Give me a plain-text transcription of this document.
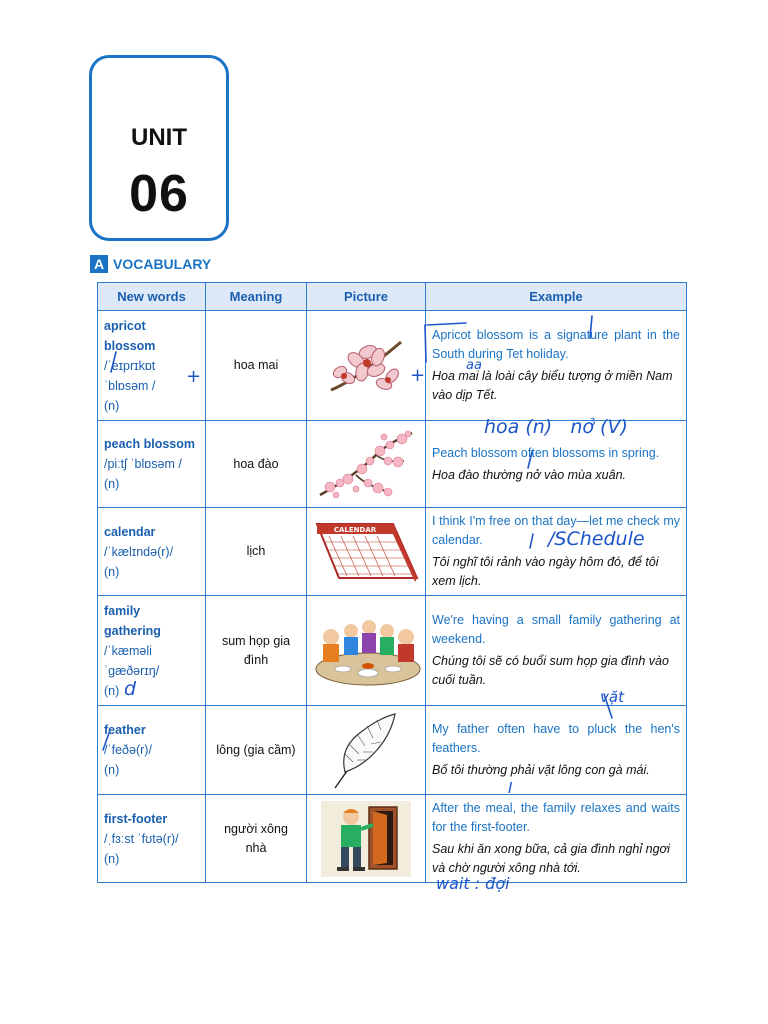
UNIT
06
A VOCABULARY
New words	Meaning	Picture	Example

apricot blossom
/ˈeɪprɪkɒt ˈblɒsəm /
(n)	hoa mai		Apricot blossom is a signature plant in the South during Tet holiday.
Hoa mai là loài cây biểu tượng ở miền Nam vào dịp Tết.

peach blossom
/piːtʃ ˈblɒsəm /
(n)	hoa đào		Peach blossom often blossoms in spring.
Hoa đào thường nở vào mùa xuân.

calendar
/ˈkælɪndə(r)/
(n)	lịch	CALENDAR	I think I'm free on that day—let me check my calendar.
Tôi nghĩ tôi rảnh vào ngày hôm đó, để tôi xem lịch.

family gathering
/ˈkæməli ˈɡæðərɪŋ/
(n)	sum họp gia đình		We're having a small family gathering at weekend.
Chúng tôi sẽ có buổi sum họp gia đình vào cuối tuần.

feather
/ˈfeðə(r)/
(n)	lông (gia cầm)		My father often have to pluck the hen's feathers.
Bố tôi thường phải vặt lông con gà mái.

first-footer
/ˌfɜːst ˈfʊtə(r)/
(n)	người xông nhà		After the meal, the family relaxes and waits for the first-footer.
Sau khi ăn xong bữa, cả gia đình nghỉ ngơi và chờ người xông nhà tới.
+	+	aa
hoa (n)   nở (V)
/SChedule
d	vặt
I
wait : đợi
